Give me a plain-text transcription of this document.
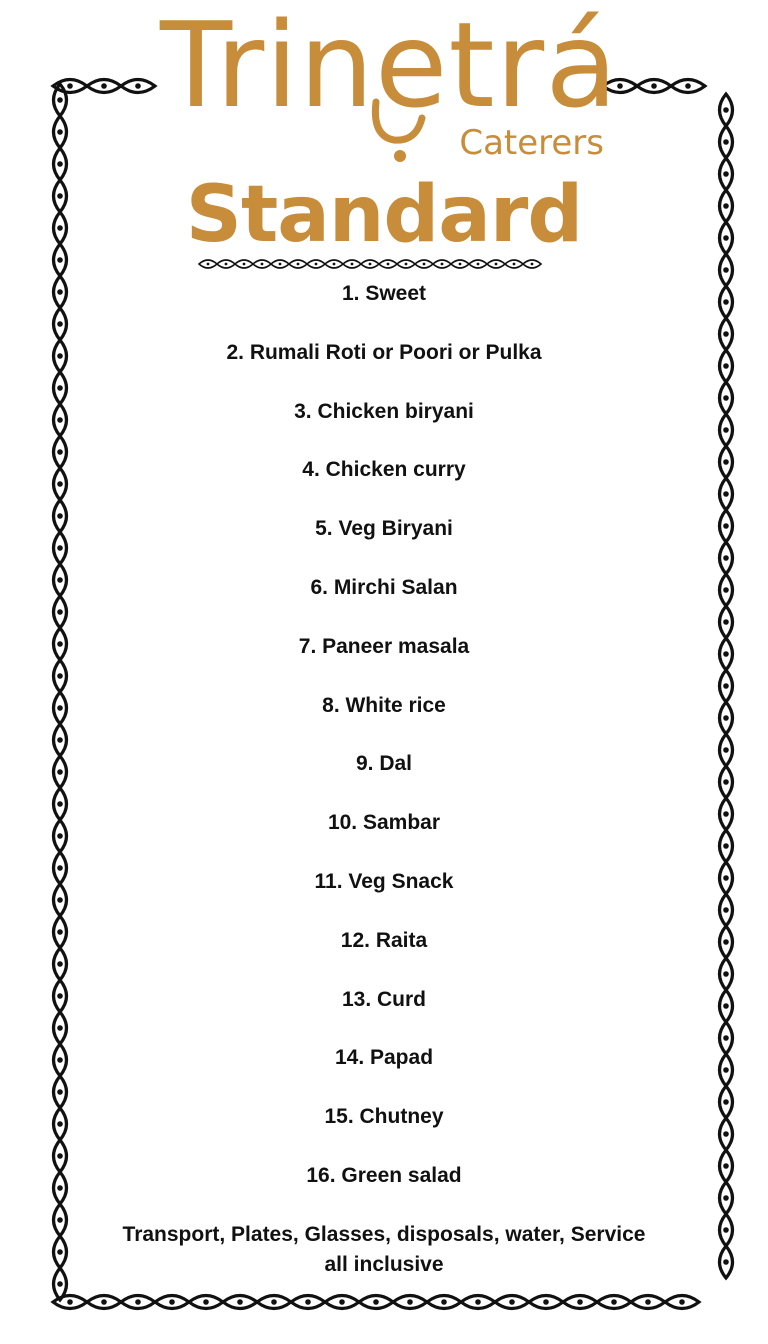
Trinetrá
Caterers
Standard
1. Sweet
2. Rumali Roti or Poori or Pulka
3. Chicken biryani
4. Chicken curry
5. Veg Biryani
6. Mirchi Salan
7. Paneer masala
8. White rice
9. Dal
10. Sambar
11. Veg Snack
12. Raita
13. Curd
14. Papad
15. Chutney
16. Green salad
Transport, Plates, Glasses, disposals, water, Service
all inclusive
